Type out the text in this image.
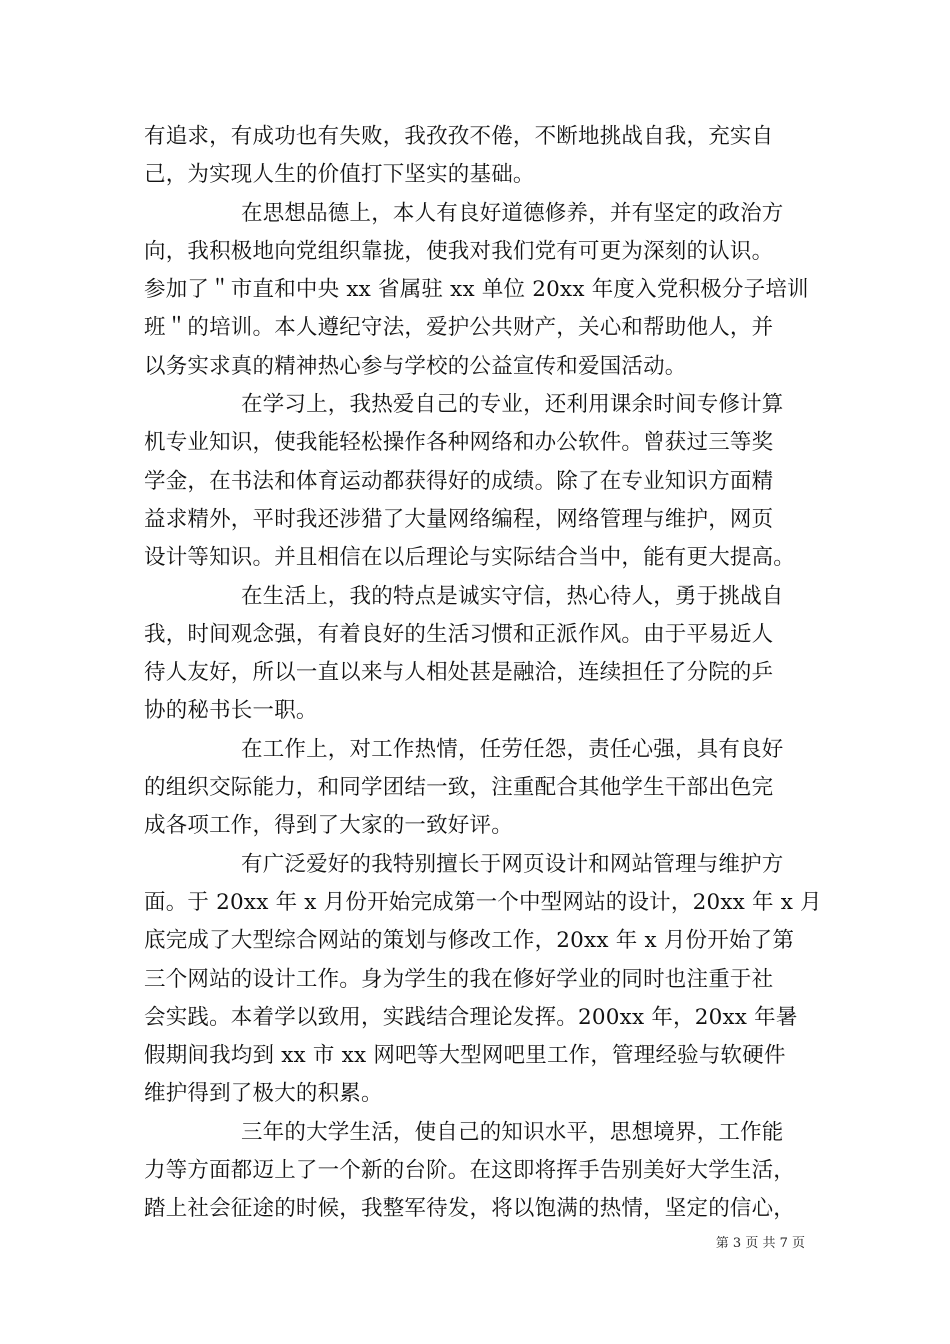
有追求，有成功也有失败，我孜孜不倦，不断地挑战自我，充实自
己，为实现人生的价值打下坚实的基础。
在思想品德上，本人有良好道德修养，并有坚定的政治方
向，我积极地向党组织靠拢，使我对我们党有可更为深刻的认识。
参加了＂市直和中央 xx 省属驻 xx 单位 20xx 年度入党积极分子培训
班＂的培训。本人遵纪守法，爱护公共财产，关心和帮助他人，并
以务实求真的精神热心参与学校的公益宣传和爱国活动。
在学习上，我热爱自己的专业，还利用课余时间专修计算
机专业知识，使我能轻松操作各种网络和办公软件。曾获过三等奖
学金，在书法和体育运动都获得好的成绩。除了在专业知识方面精
益求精外，平时我还涉猎了大量网络编程，网络管理与维护，网页
设计等知识。并且相信在以后理论与实际结合当中，能有更大提高。
在生活上，我的特点是诚实守信，热心待人，勇于挑战自
我，时间观念强，有着良好的生活习惯和正派作风。由于平易近人
待人友好，所以一直以来与人相处甚是融洽，连续担任了分院的乒
协的秘书长一职。
在工作上，对工作热情，任劳任怨，责任心强，具有良好
的组织交际能力，和同学团结一致，注重配合其他学生干部出色完
成各项工作，得到了大家的一致好评。
有广泛爱好的我特别擅长于网页设计和网站管理与维护方
面。于 20xx 年 x 月份开始完成第一个中型网站的设计，20xx 年 x 月
底完成了大型综合网站的策划与修改工作，20xx 年 x 月份开始了第
三个网站的设计工作。身为学生的我在修好学业的同时也注重于社
会实践。本着学以致用，实践结合理论发挥。200xx 年，20xx 年暑
假期间我均到 xx 市 xx 网吧等大型网吧里工作，管理经验与软硬件
维护得到了极大的积累。
三年的大学生活，使自己的知识水平，思想境界，工作能
力等方面都迈上了一个新的台阶。在这即将挥手告别美好大学生活，
踏上社会征途的时候，我整军待发，将以饱满的热情，坚定的信心，
第 3 页 共 7 页
